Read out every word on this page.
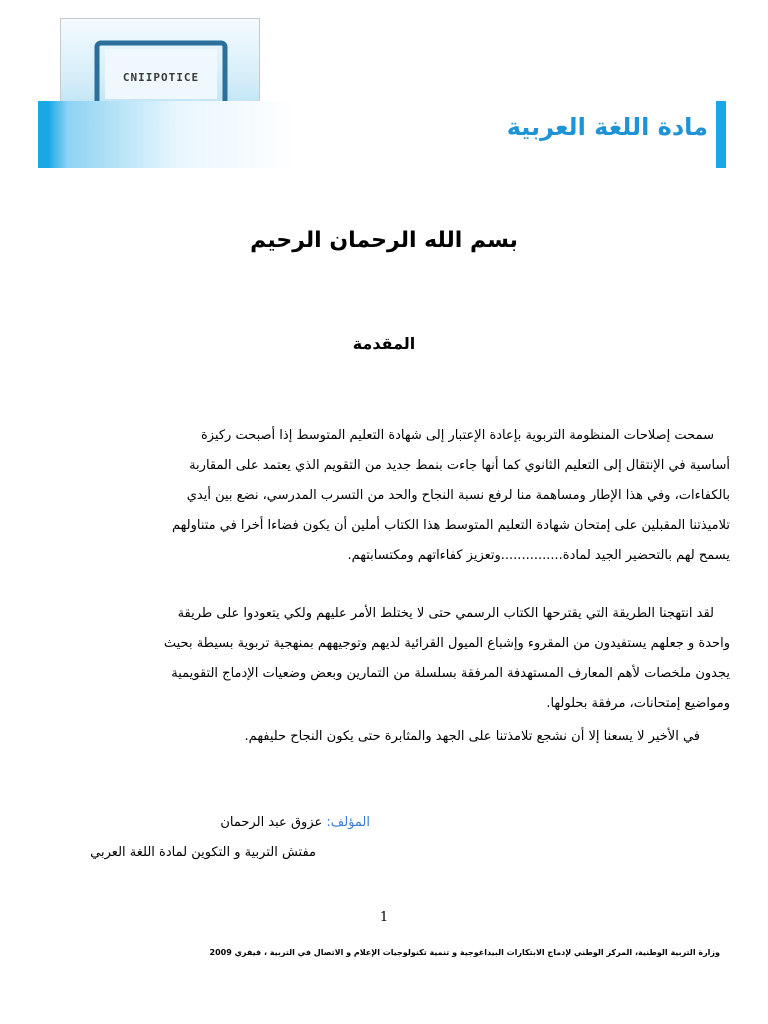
CNIIPOTICE
مادة اللغة العربية
بسم الله الرحمان الرحيم
المقدمة
سمحت إصلاحات المنظومة التربوية بإعادة الإعتبار إلى شهادة التعليم المتوسط إذا أصبحت ركيزة
أساسية في الإنتقال إلى التعليم الثانوي كما أنها جاءت بنمط جديد من التقويم الذي يعتمد على المقاربة
بالكفاءات، وفي هذا الإطار ومساهمة منا لرفع نسبة النجاح والحد من التسرب المدرسي، نضع بين أيدي
تلاميذتنا المقبلين على إمتحان شهادة التعليم المتوسط هذا الكتاب أملين أن يكون فضاءا أخرا في متناولهم
يسمح لهم بالتحضير الجيد لمادة...............وتعزيز كفاءاتهم ومكتسابتهم.
لقد انتهجنا الطريقة التي يقترحها الكتاب الرسمي حتى لا يختلط الأمر عليهم ولكي يتعودوا على طريقة
واحدة و جعلهم يستفيدون من المقروء وإشباع الميول القرائية لديهم وتوجيههم بمنهجية تربوية بسيطة بحيث
يجدون ملخصات لأهم المعارف المستهدفة المرفقة بسلسلة من التمارين وبعض وضعيات الإدماج التقويمية
ومواضيع إمتحانات، مرفقة بحلولها.
في الأخير لا يسعنا إلا أن نشجع تلامذتنا على الجهد والمثابرة حتى يكون النجاح حليفهم.
المؤلف: عزوق عبد الرحمان
مفتش التربية و التكوين لمادة اللغة العربي
1
وزارة التربية الوطنية، المركز الوطني لإدماج الابتكارات البيداغوجية و تنمية تكنولوجيات الإعلام و الاتصال في التربية ، فيفري 2009
